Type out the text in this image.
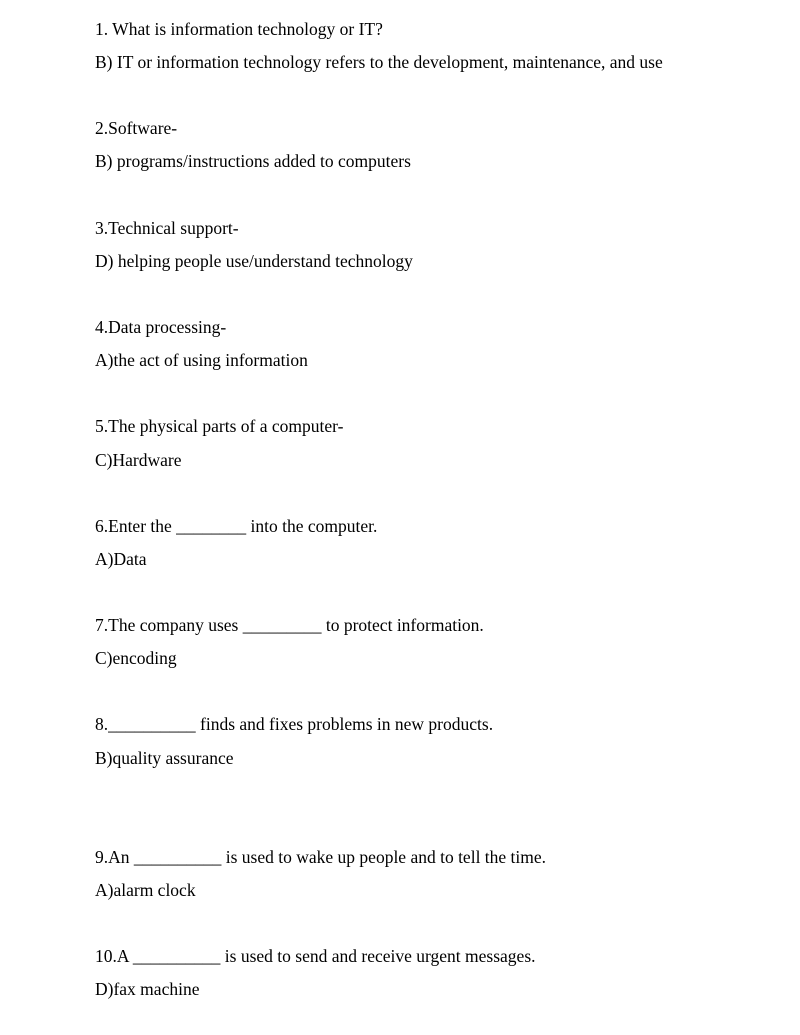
1. What is information technology or IT?
B) IT or information technology refers to the development, maintenance, and use
2.Software-
B) programs/instructions added to computers
3.Technical support-
D) helping people use/understand technology
4.Data processing-
A)the act of using information
5.The physical parts of a computer-
C)Hardware
6.Enter the ________ into the computer.
A)Data
7.The company uses _________ to protect information.
C)encoding
8.__________ finds and fixes problems in new products.
B)quality assurance
9.An __________ is used to wake up people and to tell the time.
A)alarm clock
10.A __________ is used to send and receive urgent messages.
D)fax machine
